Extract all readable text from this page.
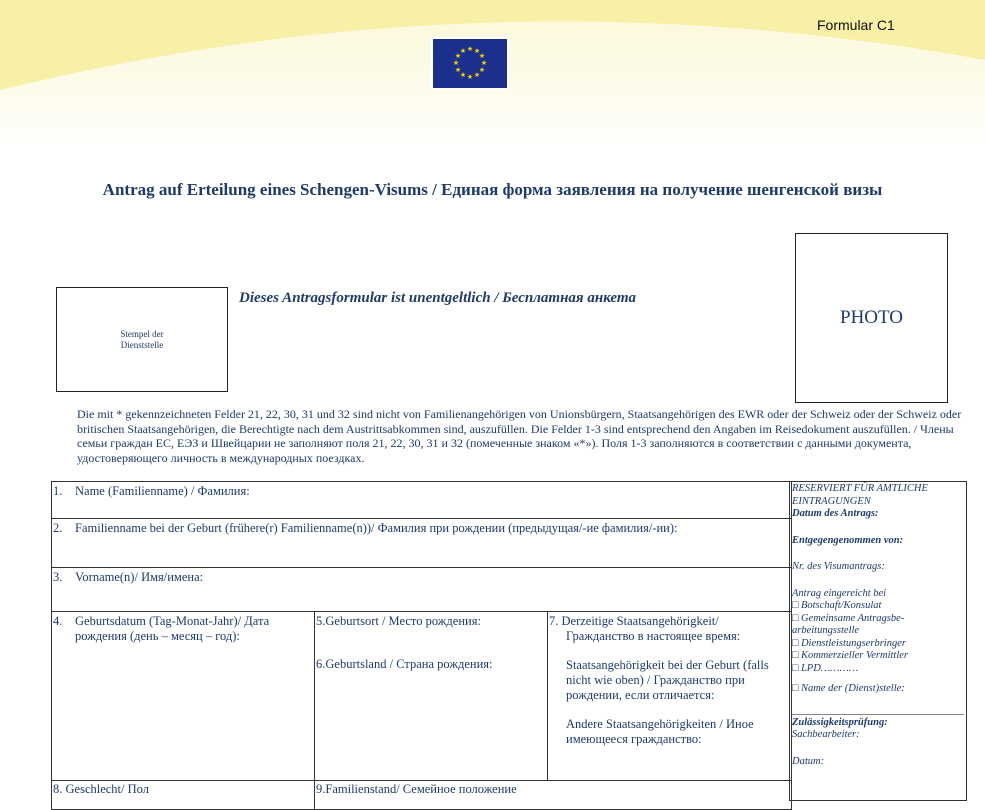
Formular C1
★ ★
★
★
★
★
★
★
★
★
★
★
Antrag auf Erteilung eines Schengen-Visums / Единая форма заявления на получение шенгенской визы
Stempel der
Dienststelle
Dieses Antragsformular ist unentgeltlich / Бесплатная анкета
PHOTO
Die mit * gekennzeichneten Felder 21, 22, 30, 31 und 32 sind nicht von Familienangehörigen von Unionsbürgern, Staatsangehörigen des EWR oder der Schweiz oder der Schweiz oder britischen Staatsangehörigen, die Berechtigte nach dem Austrittsabkommen sind, auszufüllen. Die Felder 1-3 sind entsprechend den Angaben im Reisedokument auszufüllen. / Члены семьи граждан ЕС, ЕЭЗ и Швейцарии не заполняют поля 21, 22, 30, 31 и 32 (помеченные знаком «*»). Поля 1-3 заполняются в соответствии с данными документа, удостоверяющего личность в международных поездках.
1. Name (Familienname) / Фамилия:
2. Familienname bei der Geburt (frühere(r) Familienname(n))/ Фамилия при рождении (предыдущая/-ие фамилия/-ии):
3. Vorname(n)/ Имя/имена:
4. Geburtsdatum (Tag-Monat-Jahr)/ Дата рождения (день – месяц – год):
5.Geburtsort / Место рождения:
6.Geburtsland / Страна рождения:
7. Derzeitige Staatsangehörigkeit/
Гражданство в настоящее время:
Staatsangehörigkeit bei der Geburt (falls nicht wie oben) / Гражданство при рождении, если отличается:
Andere Staatsangehörigkeiten / Иное имеющееся гражданство:
8. Geschlecht/ Пол	9.Familienstand/ Семейное положение
RESERVIERT FÜR AMTLICHE EINTRAGUNGEN
Datum des Antrags:
Entgegengenommen von:
Nr. des Visumantrags:
Antrag eingereicht bei
□ Botschaft/Konsulat
□ Gemeinsame Antragsbe- arbeitungsstelle
□ Dienstleistungserbringer
□ Kommerzieller Vermittler
□ LPD…………
□ Name der (Dienst)stelle:
Zulässigkeitsprüfung:
Sachbearbeiter:
Datum:
